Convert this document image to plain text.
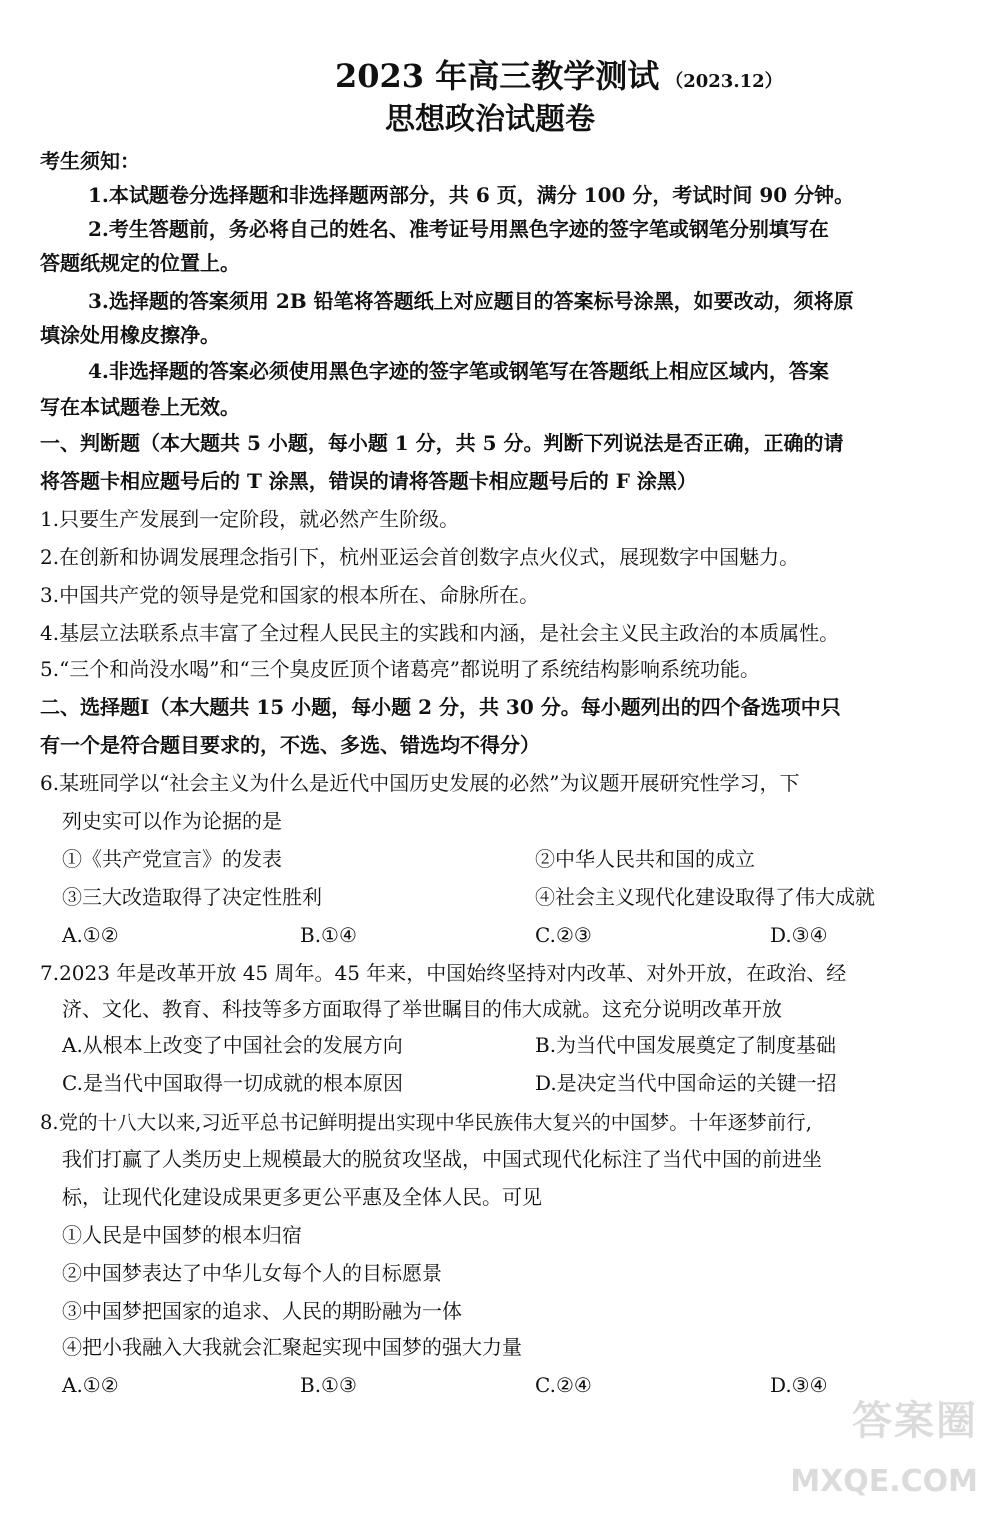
2023 年高三教学测试 （2023.12）
思想政治试题卷
考生须知：
1.本试题卷分选择题和非选择题两部分，共 6 页，满分 100 分，考试时间 90 分钟。
2.考生答题前，务必将自己的姓名、准考证号用黑色字迹的签字笔或钢笔分别填写在
答题纸规定的位置上。
3.选择题的答案须用 2B 铅笔将答题纸上对应题目的答案标号涂黑，如要改动，须将原
填涂处用橡皮擦净。
4.非选择题的答案必须使用黑色字迹的签字笔或钢笔写在答题纸上相应区域内，答案
写在本试题卷上无效。
一、判断题（本大题共 5 小题，每小题 1 分，共 5 分。判断下列说法是否正确，正确的请
将答题卡相应题号后的 T 涂黑，错误的请将答题卡相应题号后的 F 涂黑）
1.只要生产发展到一定阶段，就必然产生阶级。
2.在创新和协调发展理念指引下，杭州亚运会首创数字点火仪式，展现数字中国魅力。
3.中国共产党的领导是党和国家的根本所在、命脉所在。
4.基层立法联系点丰富了全过程人民民主的实践和内涵，是社会主义民主政治的本质属性。
5.“三个和尚没水喝”和“三个臭皮匠顶个诸葛亮”都说明了系统结构影响系统功能。
二、选择题Ⅰ（本大题共 15 小题，每小题 2 分，共 30 分。每小题列出的四个备选项中只
有一个是符合题目要求的，不选、多选、错选均不得分）
6.某班同学以“社会主义为什么是近代中国历史发展的必然”为议题开展研究性学习，下
列史实可以作为论据的是
①《共产党宣言》的发表	②中华人民共和国的成立
③三大改造取得了决定性胜利	④社会主义现代化建设取得了伟大成就
A.①②	B.①④	C.②③	D.③④
7.2023 年是改革开放 45 周年。45 年来，中国始终坚持对内改革、对外开放，在政治、经
济、文化、教育、科技等多方面取得了举世瞩目的伟大成就。这充分说明改革开放
A.从根本上改变了中国社会的发展方向	B.为当代中国发展奠定了制度基础
C.是当代中国取得一切成就的根本原因	D.是决定当代中国命运的关键一招
8.党的十八大以来,习近平总书记鲜明提出实现中华民族伟大复兴的中国梦。十年逐梦前行,
我们打赢了人类历史上规模最大的脱贫攻坚战，中国式现代化标注了当代中国的前进坐
标，让现代化建设成果更多更公平惠及全体人民。可见
①人民是中国梦的根本归宿
②中国梦表达了中华儿女每个人的目标愿景
③中国梦把国家的追求、人民的期盼融为一体
④把小我融入大我就会汇聚起实现中国梦的强大力量
A.①②	B.①③	C.②④	D.③④
答案圈
MXQE.COM
